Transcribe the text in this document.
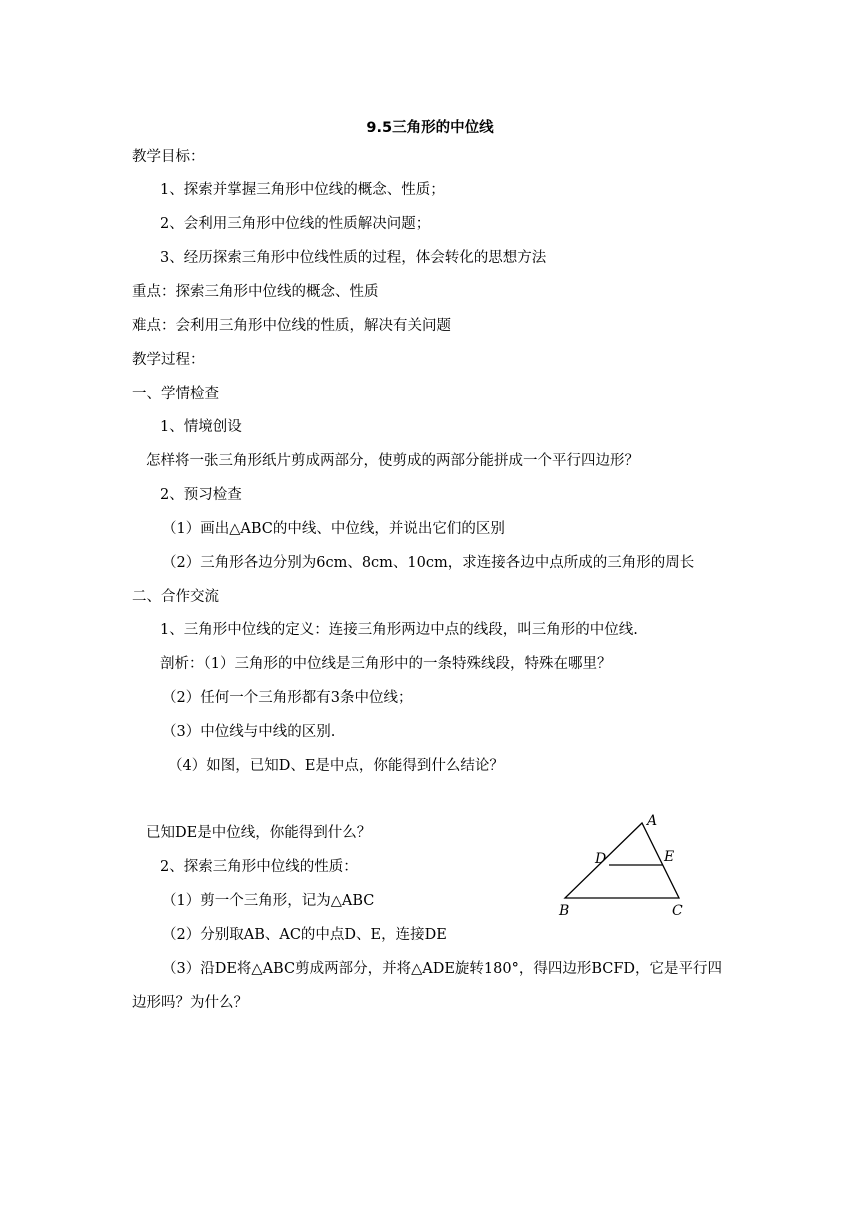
9.5三角形的中位线
教学目标：
1、探索并掌握三角形中位线的概念、性质；
2、会利用三角形中位线的性质解决问题；
3、经历探索三角形中位线性质的过程，体会转化的思想方法
重点：探索三角形中位线的概念、性质
难点：会利用三角形中位线的性质，解决有关问题
教学过程：
一、学情检查
1、情境创设
怎样将一张三角形纸片剪成两部分，使剪成的两部分能拼成一个平行四边形？
2、预习检查
（1）画出△ABC的中线、中位线，并说出它们的区别
（2）三角形各边分别为6cm、8cm、10cm，求连接各边中点所成的三角形的周长
二、合作交流
1、三角形中位线的定义：连接三角形两边中点的线段，叫三角形的中位线.
剖析：（1）三角形的中位线是三角形中的一条特殊线段，特殊在哪里？
（2）任何一个三角形都有3条中位线；
（3）中位线与中线的区别.
（4）如图，已知D、E是中点，你能得到什么结论？
已知DE是中位线，你能得到什么？
2、探索三角形中位线的性质：
（1）剪一个三角形，记为△ABC
（2）分别取AB、AC的中点D、E，连接DE
（3）沿DE将△ABC剪成两部分，并将△ADE旋转180°，得四边形BCFD，它是平行四
边形吗？为什么？
A
D	E
B	C
